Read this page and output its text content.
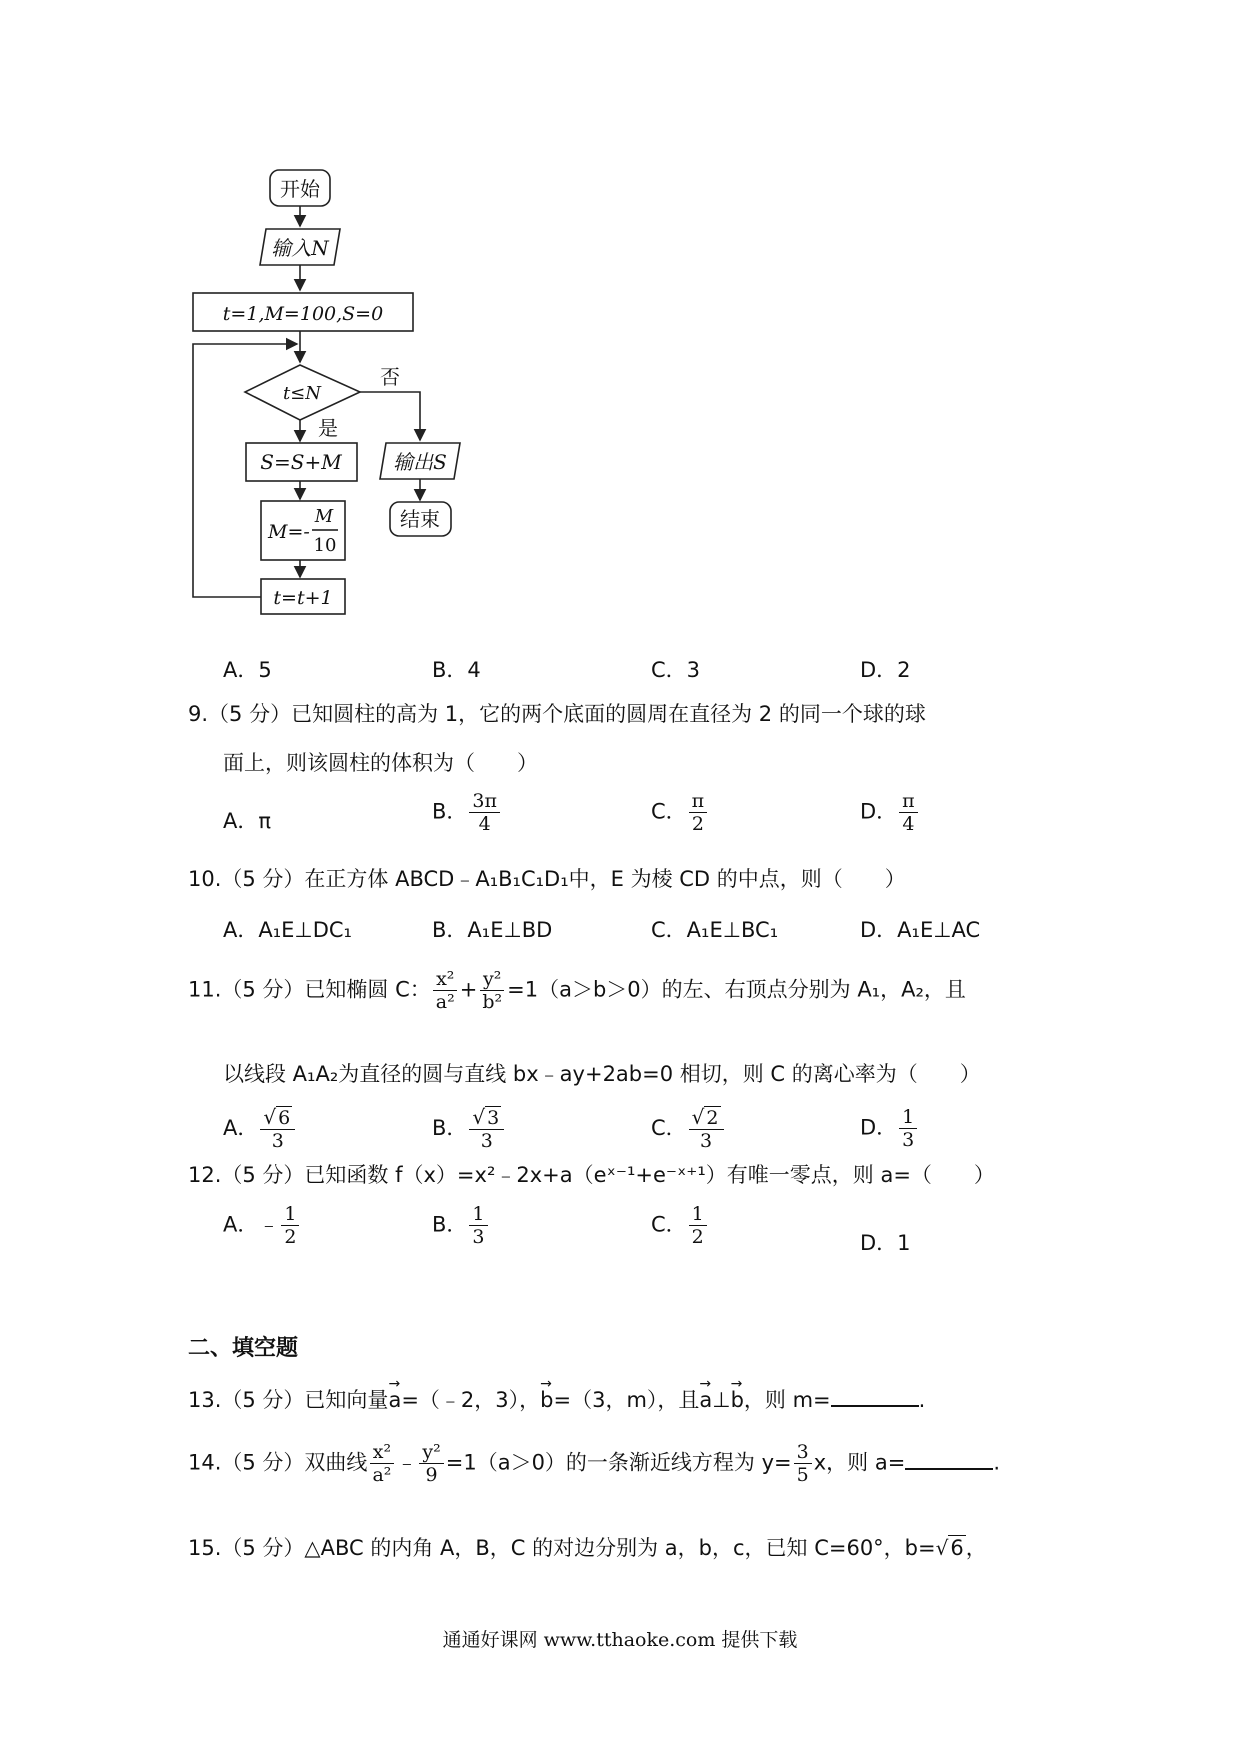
开始
输入N
t=1,M=100,S=0
t≤N
否
是
S=S+M
M=-
M
10
t=t+1
输出S
结束
A．5	B．4	C．3	D．2
9.（5 分）已知圆柱的高为 1，它的两个底面的圆周在直径为 2 的同一个球的球
面上，则该圆柱的体积为（　　）
A．π	B． $\frac{3\pi}{4}$	C． $\frac{\pi}{2}$	D． $\frac{\pi}{4}$
10.（5 分）在正方体 ABCD﹣A₁B₁C₁D₁中，E 为棱 CD 的中点，则（　　）
A．A₁E⊥DC₁	B．A₁E⊥BD	C．A₁E⊥BC₁	D．A₁E⊥AC
11.（5 分）已知椭圆 C： $\frac{\text{x²}}{\text{a²}} + \frac{\text{y²}}{\text{b²}} =1(a>b>0)$的左、右顶点分别为 A₁，A₂，且
以线段 A₁A₂为直径的圆与直线 bx﹣ay+2ab=0 相切，则 C 的离心率为（　　）
A． $\frac{√ 6}{3}$	B． $\frac{√ 3}{3}$	C． $\frac{√ 2}{3}$	D． $\frac{1}{3}$
12.（5 分）已知函数 f（x）=x²﹣2x+a（eˣ⁻¹+e⁻ˣ⁺¹）有唯一零点，则 a=（　　）
A．﹣ $\frac{1}{2}$	B． $\frac{1}{3}$	C． $\frac{1}{2}$	D．1
二、填空题
13.（5 分）已知向量
→
a=（﹣2，3），
→
b=（3，m），且
→
a⊥
→
b，则 m=	.
14.（5 分）双曲线 $\frac{\text{x²}}{\text{a²}}$ ﹣ $\frac{\text{y²}}{9} =1(a>0)$的一条渐近线方程为 $y= \frac{3}{5}$ x，则 a=	.
15.（5 分）△ABC 的内角 A，B，C 的对边分别为 a，b，c，已知 C=60°，b=√6，
通通好课网 www.tthaoke.com 提供下载
